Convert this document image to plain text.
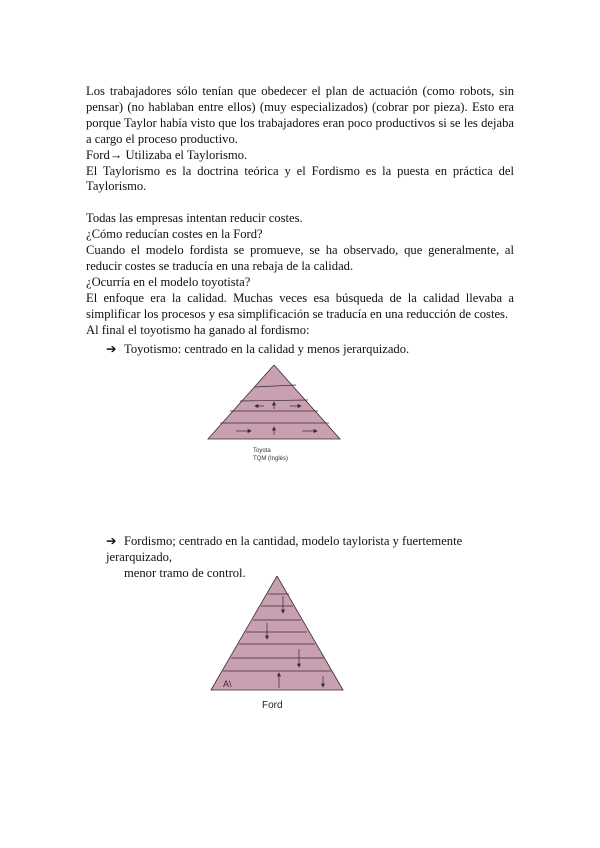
Los trabajadores sólo tenían que obedecer el plan de actuación (como robots, sin pensar) (no hablaban entre ellos) (muy especializados) (cobrar por pieza). Esto era porque Taylor había visto que los trabajadores eran poco productivos si se les dejaba a cargo el proceso productivo.

Ford→ Utilizaba el Taylorismo.

El Taylorismo es la doctrina teórica y el Fordismo es la puesta en práctica del Taylorismo.

Todas las empresas intentan reducir costes.

¿Cómo reducían costes en la Ford?

Cuando el modelo fordista se promueve, se ha observado, que generalmente, al reducir costes se traducía en una rebaja de la calidad.

¿Ocurría en el modelo toyotista?

El enfoque era la calidad. Muchas veces esa búsqueda de la calidad llevaba a simplificar los procesos y esa simplificación se traducía en una reducción de costes.

Al final el toyotismo ha ganado al fordismo:

➔ Toyotismo: centrado en la calidad y menos jerarquizado.
Toyota
TQM (Inglés)
➔ Fordismo; centrado en la cantidad, modelo taylorista y fuertemente jerarquizado,
menor tramo de control.
A\
Ford
